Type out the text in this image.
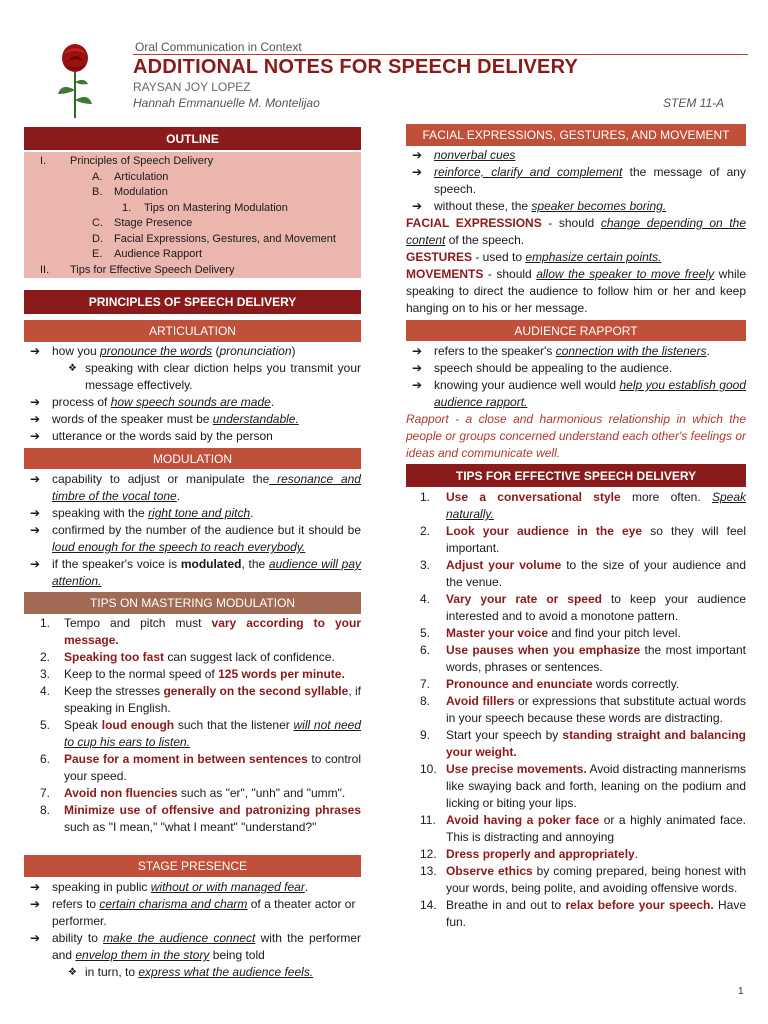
Oral Communication in Context
ADDITIONAL NOTES FOR SPEECH DELIVERY
RAYSAN JOY LOPEZ
Hannah Emmanuelle M. Montelijao	STEM 11-A
OUTLINE
I. Principles of Speech Delivery
A. Articulation
B. Modulation
1. Tips on Mastering Modulation
C. Stage Presence
D. Facial Expressions, Gestures, and Movement
E. Audience Rapport
II. Tips for Effective Speech Delivery
PRINCIPLES OF SPEECH DELIVERY
ARTICULATION
➔ how you pronounce the words (pronunciation)
❖ speaking with clear diction helps you transmit your message effectively.
➔ process of how speech sounds are made.
➔ words of the speaker must be understandable.
➔ utterance or the words said by the person
MODULATION
➔ capability to adjust or manipulate the resonance and timbre of the vocal tone.
➔ speaking with the right tone and pitch.
➔ confirmed by the number of the audience but it should be loud enough for the speech to reach everybody.
➔ if the speaker's voice is modulated, the audience will pay attention.
TIPS ON MASTERING MODULATION
1. Tempo and pitch must vary according to your message.
2. Speaking too fast can suggest lack of confidence.
3. Keep to the normal speed of 125 words per minute.
4. Keep the stresses generally on the second syllable, if speaking in English.
5. Speak loud enough such that the listener will not need to cup his ears to listen.
6. Pause for a moment in between sentences to control your speed.
7. Avoid non fluencies such as "er", "unh" and "umm".
8. Minimize use of offensive and patronizing phrases such as "I mean," "what I meant" "understand?"
STAGE PRESENCE
➔ speaking in public without or with managed fear.
➔ refers to certain charisma and charm of a theater actor or performer.
➔ ability to make the audience connect with the performer and envelop them in the story being told
❖ in turn, to express what the audience feels.
FACIAL EXPRESSIONS, GESTURES, AND MOVEMENT
➔ nonverbal cues
➔ reinforce, clarify and complement the message of any speech.
➔ without these, the speaker becomes boring.
FACIAL EXPRESSIONS - should change depending on the content of the speech.
GESTURES - used to emphasize certain points.
MOVEMENTS - should allow the speaker to move freely while speaking to direct the audience to follow him or her and keep hanging on to his or her message.
AUDIENCE RAPPORT
➔ refers to the speaker's connection with the listeners.
➔ speech should be appealing to the audience.
➔ knowing your audience well would help you establish good audience rapport.
Rapport - a close and harmonious relationship in which the people or groups concerned understand each other's feelings or ideas and communicate well.
TIPS FOR EFFECTIVE SPEECH DELIVERY
1. Use a conversational style more often. Speak naturally.
2. Look your audience in the eye so they will feel important.
3. Adjust your volume to the size of your audience and the venue.
4. Vary your rate or speed to keep your audience interested and to avoid a monotone pattern.
5. Master your voice and find your pitch level.
6. Use pauses when you emphasize the most important words, phrases or sentences.
7. Pronounce and enunciate words correctly.
8. Avoid fillers or expressions that substitute actual words in your speech because these words are distracting.
9. Start your speech by standing straight and balancing your weight.
10. Use precise movements. Avoid distracting mannerisms like swaying back and forth, leaning on the podium and licking or biting your lips.
11. Avoid having a poker face or a highly animated face. This is distracting and annoying
12. Dress properly and appropriately.
13. Observe ethics by coming prepared, being honest with your words, being polite, and avoiding offensive words.
14. Breathe in and out to relax before your speech. Have fun.
1
